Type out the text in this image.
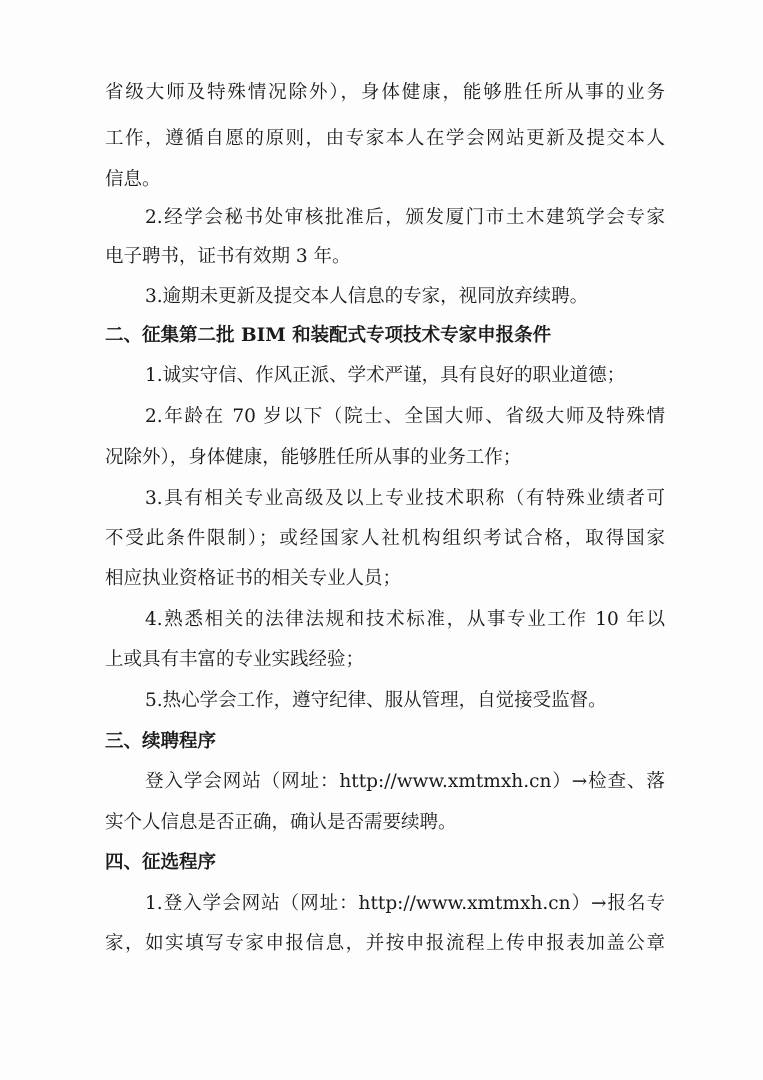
省级大师及特殊情况除外），身体健康，能够胜任所从事的业务
工作，遵循自愿的原则，由专家本人在学会网站更新及提交本人
信息。
2.经学会秘书处审核批准后，颁发厦门市土木建筑学会专家
电子聘书，证书有效期 3 年。
3.逾期未更新及提交本人信息的专家，视同放弃续聘。
二、征集第二批 BIM 和装配式专项技术专家申报条件
1.诚实守信、作风正派、学术严谨，具有良好的职业道德；
2.年龄在 70 岁以下（院士、全国大师、省级大师及特殊情
况除外），身体健康，能够胜任所从事的业务工作；
3.具有相关专业高级及以上专业技术职称（有特殊业绩者可
不受此条件限制）；或经国家人社机构组织考试合格，取得国家
相应执业资格证书的相关专业人员；
4.熟悉相关的法律法规和技术标准，从事专业工作 10 年以
上或具有丰富的专业实践经验；
5.热心学会工作，遵守纪律、服从管理，自觉接受监督。
三、续聘程序
登入学会网站（网址：http://www.xmtmxh.cn）→检查、落
实个人信息是否正确，确认是否需要续聘。
四、征选程序
1.登入学会网站（网址：http://www.xmtmxh.cn）→报名专
家，如实填写专家申报信息，并按申报流程上传申报表加盖公章
